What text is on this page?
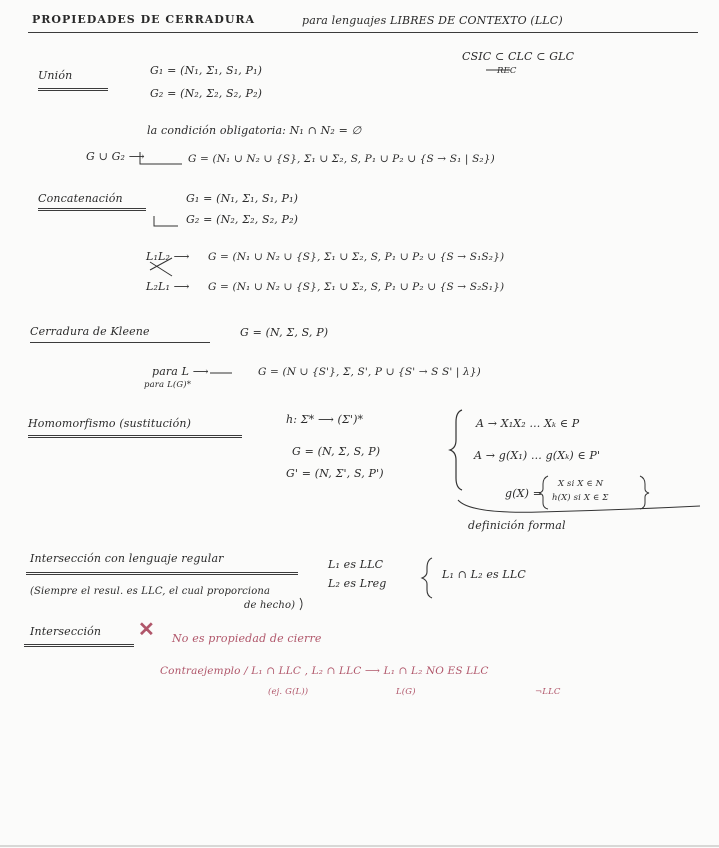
PROPIEDADES DE CERRADURA	para lenguajes LIBRES DE CONTEXTO (LLC)
CSIC ⊂ CLC ⊂ GLC
REC
Unión	G₁ = (N₁, Σ₁, S₁, P₁)
G₂ = (N₂, Σ₂, S₂, P₂)
la condición obligatoria: N₁ ∩ N₂ = ∅
G ∪ G₂ ⟶	G = (N₁ ∪ N₂ ∪ {S}, Σ₁ ∪ Σ₂, S, P₁ ∪ P₂ ∪ {S → S₁ | S₂})
Concatenación	G₁ = (N₁, Σ₁, S₁, P₁)
G₂ = (N₂, Σ₂, S₂, P₂)
L₁L₂ ⟶ G = (N₁ ∪ N₂ ∪ {S}, Σ₁ ∪ Σ₂, S, P₁ ∪ P₂ ∪ {S → S₁S₂})
L₂L₁ ⟶ G = (N₁ ∪ N₂ ∪ {S}, Σ₁ ∪ Σ₂, S, P₁ ∪ P₂ ∪ {S → S₂S₁})
Cerradura de Kleene	G = (N, Σ, S, P)
para L ⟶	G = (N ∪ {S'}, Σ, S', P ∪ {S' → S S' | λ})
para L(G)*
Homomorfismo (sustitución)	h: Σ* ⟶ (Σ')*
G = (N, Σ, S, P)
G' = (N, Σ', S, P')
A → X₁X₂ ... Xₖ ∈ P
A → g(X₁) ... g(Xₖ) ∈ P'
g(X) =
X si X ∈ N
h(X) si X ∈ Σ
definición formal
Intersección con lenguaje regular
(Siempre el resul. es LLC, el cual proporciona
de hecho)
L₁ es LLC
L₂ es Lreg
L₁ ∩ L₂ es LLC
Intersección ✕ No es propiedad de cierre
Contraejemplo / L₁ ∩ LLC , L₂ ∩ LLC ⟶ L₁ ∩ L₂ NO ES LLC
(ej. G(L))	L(G)	¬LLC
